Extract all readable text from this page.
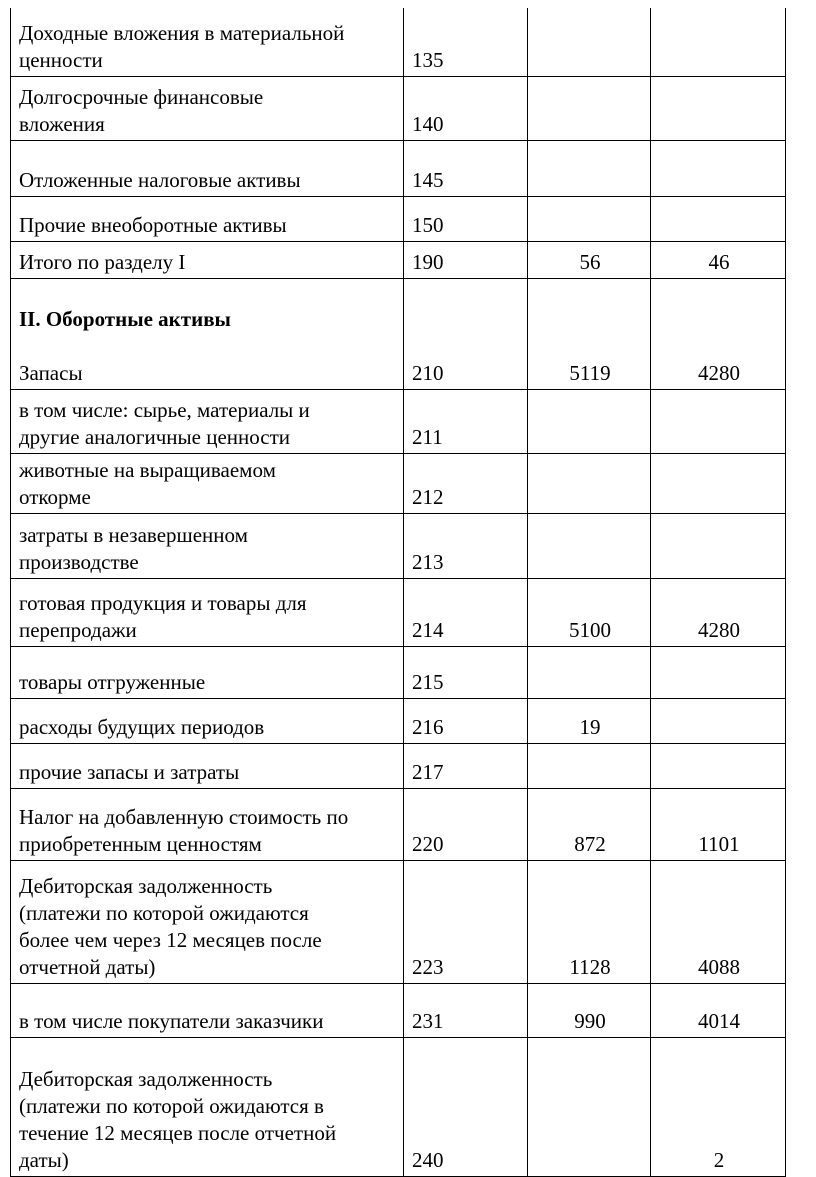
Доходные вложения в материальной
ценности	135		
Долгосрочные финансовые
вложения	140		
Отложенные налоговые активы	145		
Прочие внеоборотные активы	150		
Итого по разделу I	190	56	46

II. Оборотные активы

Запасы	210	5119	4280
в том числе: сырье, материалы и
другие аналогичные ценности	211		
животные на выращиваемом
откорме	212		
затраты в незавершенном
производстве	213		
готовая продукция и товары для
перепродажи	214	5100	4280
товары отгруженные	215		
расходы будущих периодов	216	19	
прочие запасы и затраты	217		
Налог на добавленную стоимость по
приобретенным ценностям	220	872	1101
Дебиторская задолженность
(платежи по которой ожидаются
более чем через 12 месяцев после
отчетной даты)	223	1128	4088
в том числе покупатели заказчики	231	990	4014
Дебиторская задолженность
(платежи по которой ожидаются в
течение 12 месяцев после отчетной
даты)	240		2
